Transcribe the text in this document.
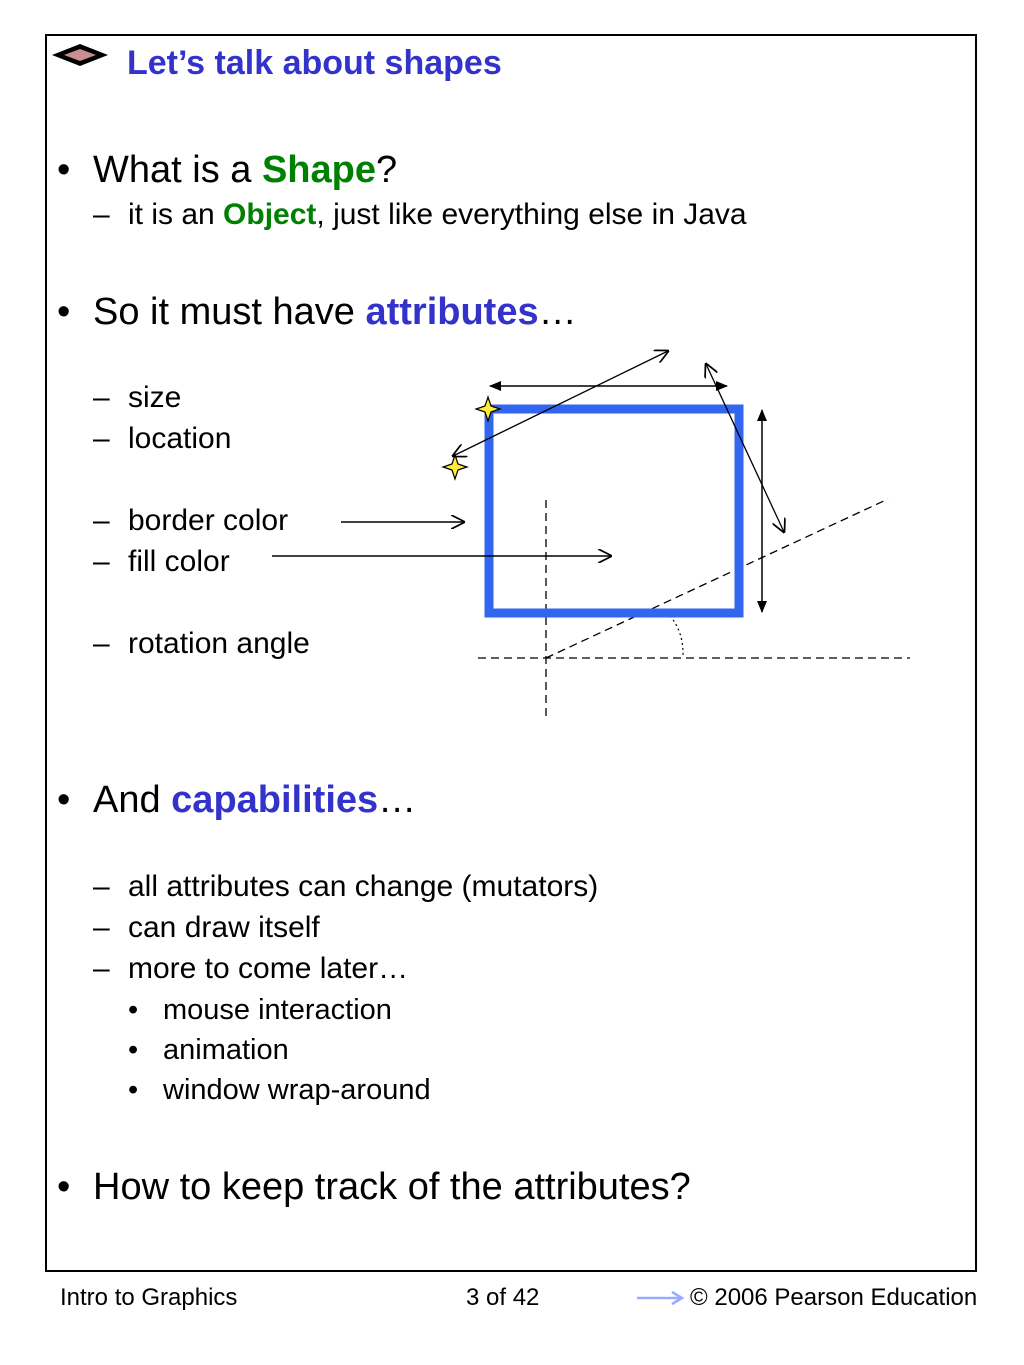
Let’s talk about shapes
• What is a Shape?
– it is an Object, just like everything else in Java
• So it must have attributes…
– size
– location
– border color
– fill color
– rotation angle
• And capabilities…
– all attributes can change (mutators)
– can draw itself
– more to come later…
• mouse interaction
• animation
• window wrap-around
• How to keep track of the attributes?
Intro to Graphics	3 of 42	© 2006 Pearson Education
